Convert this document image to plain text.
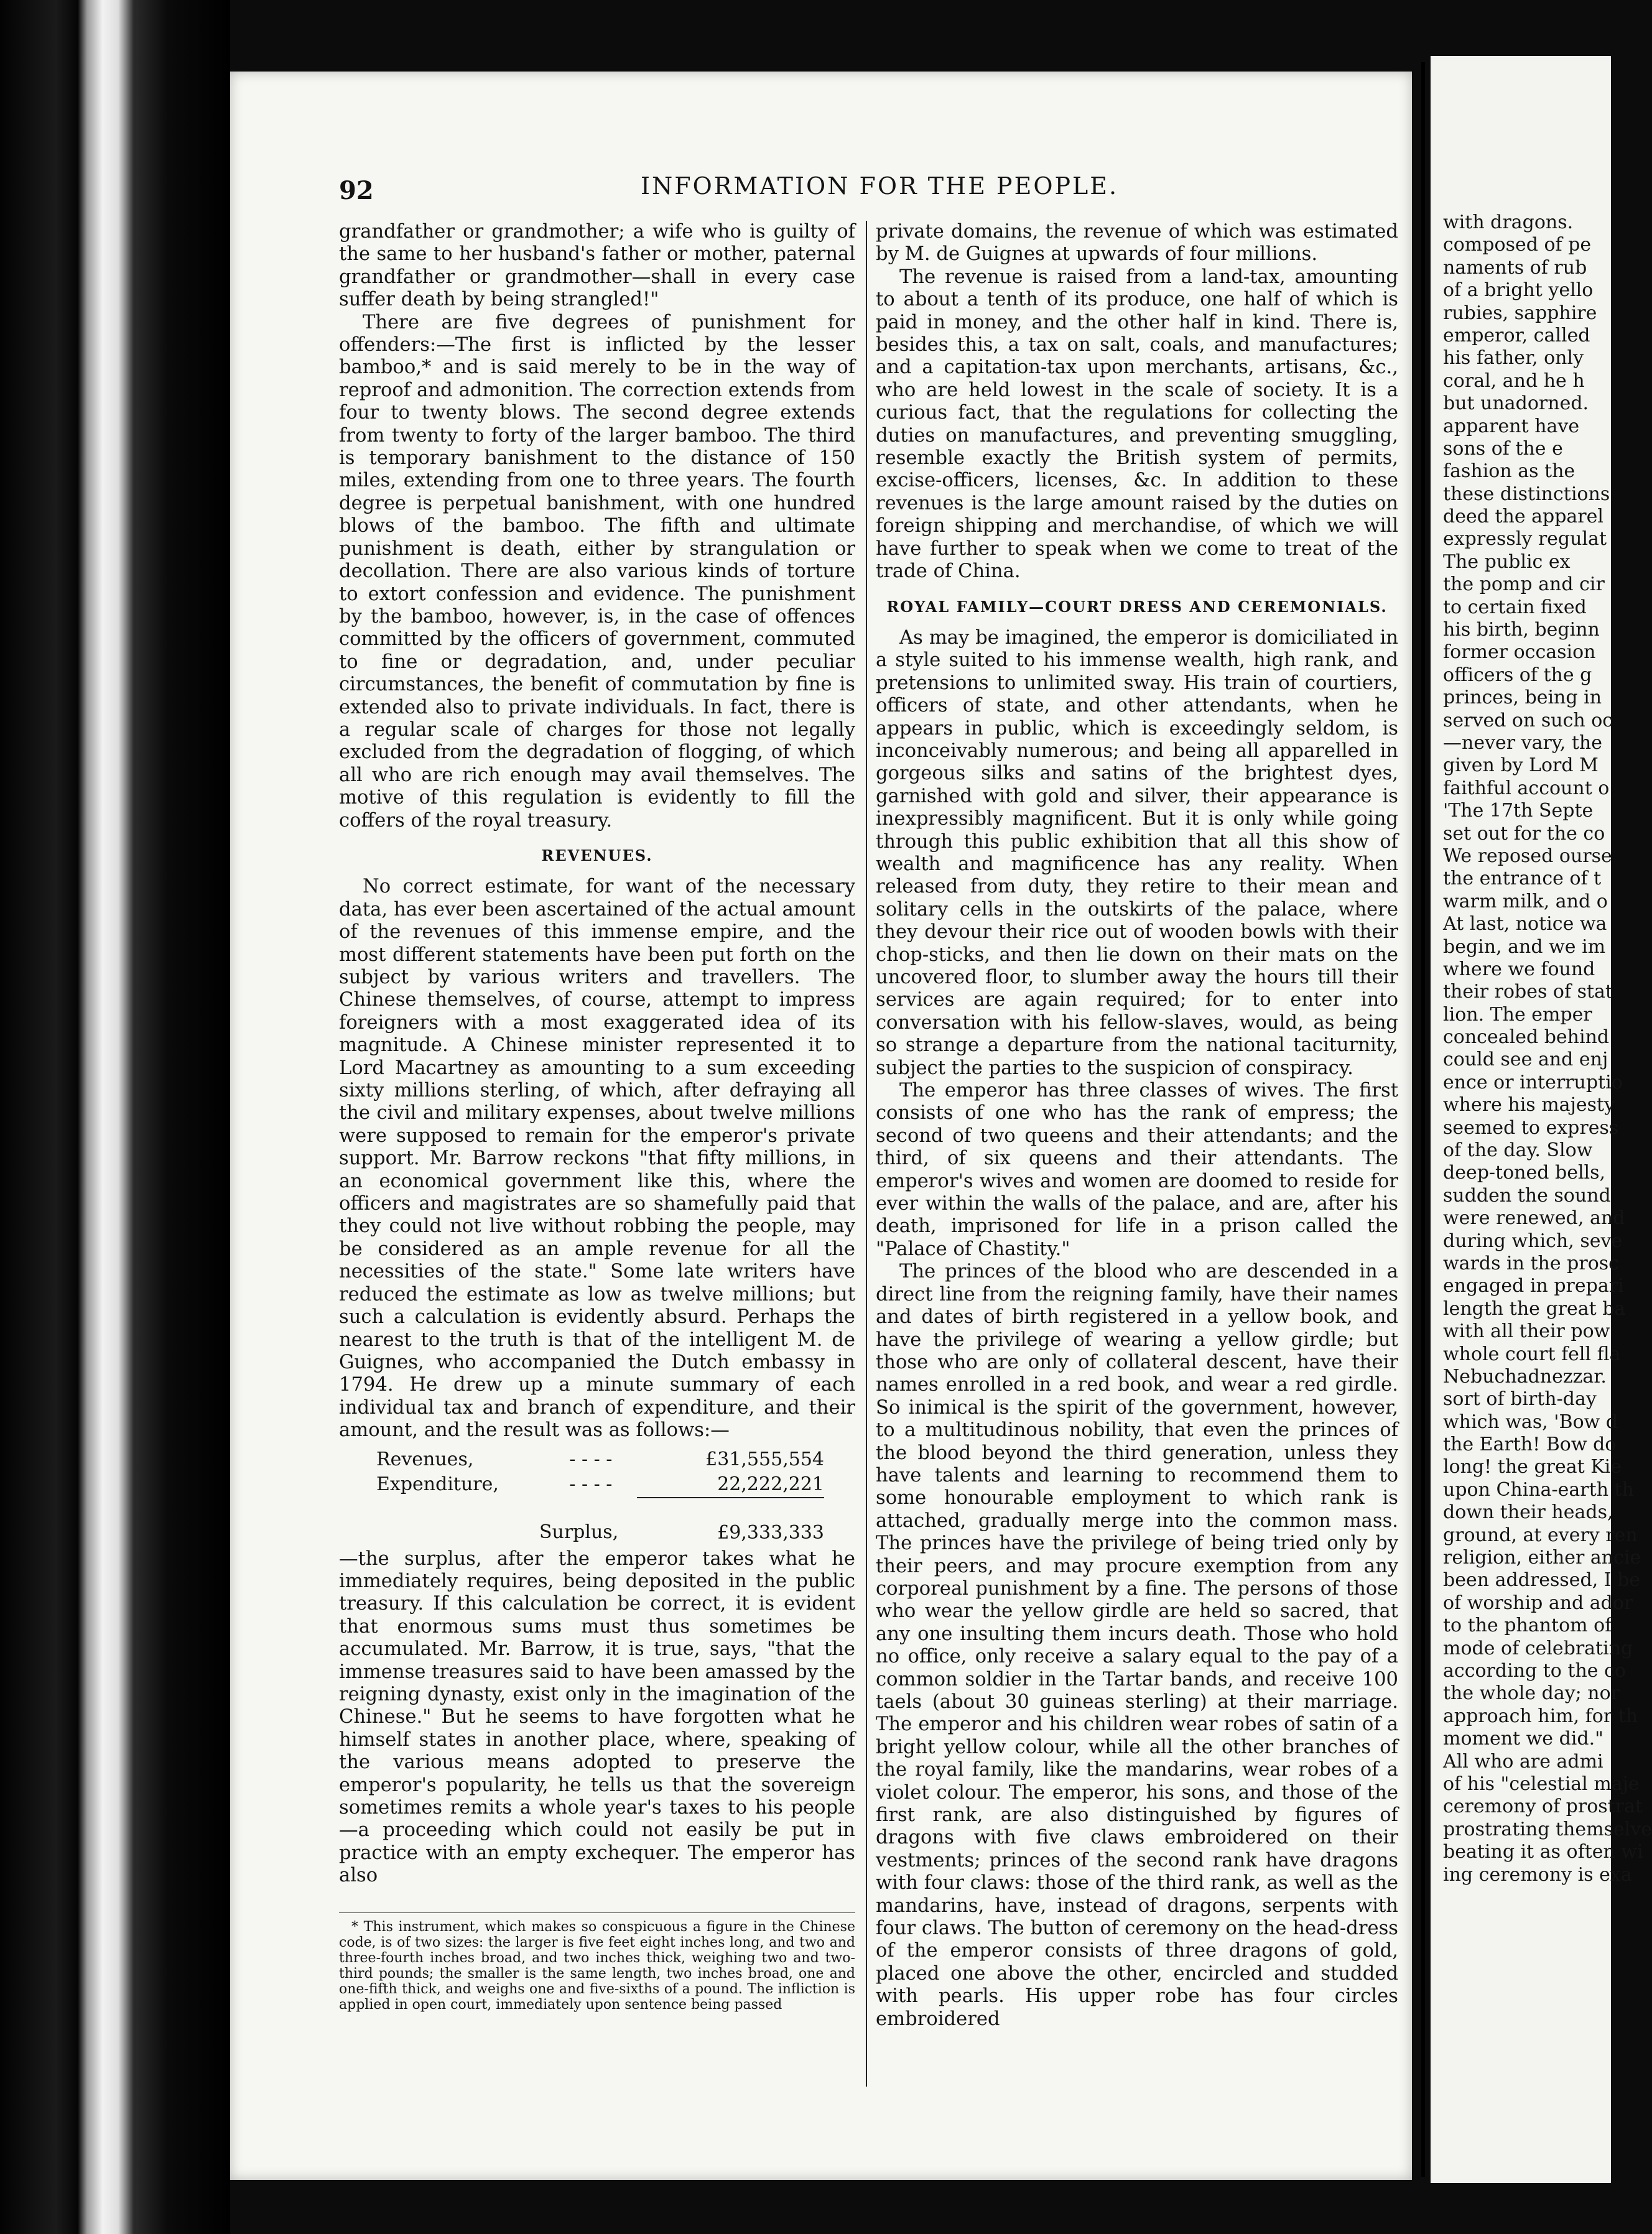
92	INFORMATION FOR THE PEOPLE.

grandfather or grandmother; a wife who is guilty of the same to her husband's father or mother, paternal grandfather or grandmother—shall in every case suffer death by being strangled!"

There are five degrees of punishment for offenders:—The first is inflicted by the lesser bamboo,* and is said merely to be in the way of reproof and admonition. The correction extends from four to twenty blows. The second degree extends from twenty to forty of the larger bamboo. The third is temporary banishment to the distance of 150 miles, extending from one to three years. The fourth degree is perpetual banishment, with one hundred blows of the bamboo. The fifth and ultimate punishment is death, either by strangulation or decollation. There are also various kinds of torture to extort confession and evidence. The punishment by the bamboo, however, is, in the case of offences committed by the officers of government, commuted to fine or degradation, and, under peculiar circumstances, the benefit of commutation by fine is extended also to private individuals. In fact, there is a regular scale of charges for those not legally excluded from the degradation of flogging, of which all who are rich enough may avail themselves. The motive of this regulation is evidently to fill the coffers of the royal treasury.

REVENUES.

No correct estimate, for want of the necessary data, has ever been ascertained of the actual amount of the revenues of this immense empire, and the most different statements have been put forth on the subject by various writers and travellers. The Chinese themselves, of course, attempt to impress foreigners with a most exaggerated idea of its magnitude. A Chinese minister represented it to Lord Macartney as amounting to a sum exceeding sixty millions sterling, of which, after defraying all the civil and military expenses, about twelve millions were supposed to remain for the emperor's private support. Mr. Barrow reckons "that fifty millions, in an economical government like this, where the officers and magistrates are so shamefully paid that they could not live without robbing the people, may be considered as an ample revenue for all the necessities of the state." Some late writers have reduced the estimate as low as twelve millions; but such a calculation is evidently absurd. Perhaps the nearest to the truth is that of the intelligent M. de Guignes, who accompanied the Dutch embassy in 1794. He drew up a minute summary of each individual tax and branch of expenditure, and their amount, and the result was as follows:—

Revenues,	- - - -	£31,555,554
Expenditure,	- - - -	22,222,221
Surplus,		£9,333,333

—the surplus, after the emperor takes what he immediately requires, being deposited in the public treasury. If this calculation be correct, it is evident that enormous sums must thus sometimes be accumulated. Mr. Barrow, it is true, says, "that the immense treasures said to have been amassed by the reigning dynasty, exist only in the imagination of the Chinese." But he seems to have forgotten what he himself states in another place, where, speaking of the various means adopted to preserve the emperor's popularity, he tells us that the sovereign sometimes remits a whole year's taxes to his people—a proceeding which could not easily be put in practice with an empty exchequer. The emperor has also

* This instrument, which makes so conspicuous a figure in the Chinese code, is of two sizes: the larger is five feet eight inches long, and two and three-fourth inches broad, and two inches thick, weighing two and two-third pounds; the smaller is the same length, two inches broad, one and one-fifth thick, and weighs one and five-sixths of a pound. The infliction is applied in open court, immediately upon sentence being passed

private domains, the revenue of which was estimated by M. de Guignes at upwards of four millions.

The revenue is raised from a land-tax, amounting to about a tenth of its produce, one half of which is paid in money, and the other half in kind. There is, besides this, a tax on salt, coals, and manufactures; and a capitation-tax upon merchants, artisans, &c., who are held lowest in the scale of society. It is a curious fact, that the regulations for collecting the duties on manufactures, and preventing smuggling, resemble exactly the British system of permits, excise-officers, licenses, &c. In addition to these revenues is the large amount raised by the duties on foreign shipping and merchandise, of which we will have further to speak when we come to treat of the trade of China.

ROYAL FAMILY—COURT DRESS AND CEREMONIALS.

As may be imagined, the emperor is domiciliated in a style suited to his immense wealth, high rank, and pretensions to unlimited sway. His train of courtiers, officers of state, and other attendants, when he appears in public, which is exceedingly seldom, is inconceivably numerous; and being all apparelled in gorgeous silks and satins of the brightest dyes, garnished with gold and silver, their appearance is inexpressibly magnificent. But it is only while going through this public exhibition that all this show of wealth and magnificence has any reality. When released from duty, they retire to their mean and solitary cells in the outskirts of the palace, where they devour their rice out of wooden bowls with their chop-sticks, and then lie down on their mats on the uncovered floor, to slumber away the hours till their services are again required; for to enter into conversation with his fellow-slaves, would, as being so strange a departure from the national taciturnity, subject the parties to the suspicion of conspiracy.

The emperor has three classes of wives. The first consists of one who has the rank of empress; the second of two queens and their attendants; and the third, of six queens and their attendants. The emperor's wives and women are doomed to reside for ever within the walls of the palace, and are, after his death, imprisoned for life in a prison called the "Palace of Chastity."

The princes of the blood who are descended in a direct line from the reigning family, have their names and dates of birth registered in a yellow book, and have the privilege of wearing a yellow girdle; but those who are only of collateral descent, have their names enrolled in a red book, and wear a red girdle. So inimical is the spirit of the government, however, to a multitudinous nobility, that even the princes of the blood beyond the third generation, unless they have talents and learning to recommend them to some honourable employment to which rank is attached, gradually merge into the common mass. The princes have the privilege of being tried only by their peers, and may procure exemption from any corporeal punishment by a fine. The persons of those who wear the yellow girdle are held so sacred, that any one insulting them incurs death. Those who hold no office, only receive a salary equal to the pay of a common soldier in the Tartar bands, and receive 100 taels (about 30 guineas sterling) at their marriage. The emperor and his children wear robes of satin of a bright yellow colour, while all the other branches of the royal family, like the mandarins, wear robes of a violet colour. The emperor, his sons, and those of the first rank, are also distinguished by figures of dragons with five claws embroidered on their vestments; princes of the second rank have dragons with four claws: those of the third rank, as well as the mandarins, have, instead of dragons, serpents with four claws. The button of ceremony on the head-dress of the emperor consists of three dragons of gold, placed one above the other, encircled and studded with pearls. His upper robe has four circles embroidered

with dragons.
composed of pe
naments of rub
of a bright yello
rubies, sapphire
emperor, called
his father, only
coral, and he h
but unadorned.
apparent have
sons of the e
fashion as the
these distinctions
deed the apparel
expressly regulat
The public ex
the pomp and cir
to certain fixed
his birth, beginn
former occasion
officers of the g
princes, being in
served on such oc
—never vary, the
given by Lord M
faithful account o
'The 17th Septe
set out for the co
We reposed ourse
the entrance of t
warm milk, and o
At last, notice wa
begin, and we im
where we found
their robes of stat
lion. The emper
concealed behind
could see and enj
ence or interruptio
where his majesty
seemed to express
of the day. Slow
deep-toned bells,
sudden the sound
were renewed, and
during which, seve
wards in the prosc
engaged in prepari
length the great ba
with all their pow
whole court fell fla
Nebuchadnezzar.
sort of birth-day
which was, 'Bow d
the Earth! Bow do
long! the great Kie
upon China-earth th
down their heads,
ground, at every ren
religion, either ancie
been addressed, I be
of worship and ador
to the phantom of
mode of celebrating
according to the co
the whole day; nor
approach him, for th
moment we did."
All who are admi
of his "celestial maje
ceremony of prostrat
prostrating themselve
beating it as often wi
ing ceremony is exa
